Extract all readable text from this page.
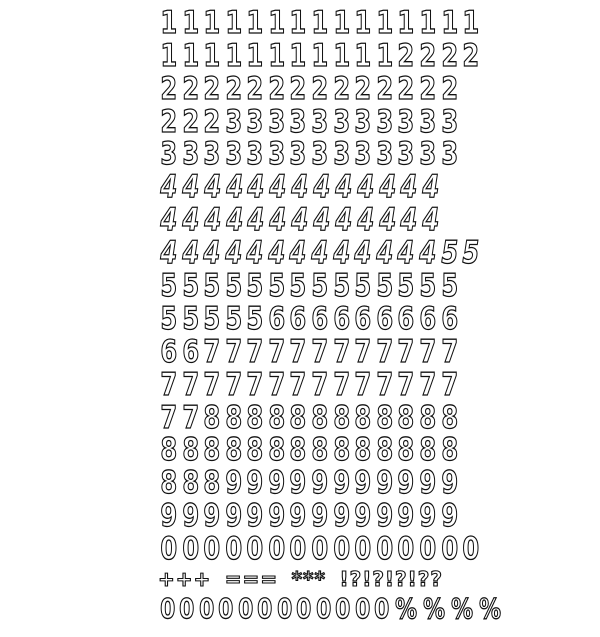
1 1 1 1 1 1 1 1 1 1 1 1 1 1 1
1 1 1 1 1 1 1 1 1 1 1 2 2 2 2
2 2 2 2 2 2 2 2 2 2 2 2 2 2
2 2 2 3 3 3 3 3 3 3 3 3 3 3
3 3 3 3 3 3 3 3 3 3 3 3 3 3
4 4 4 4 4 4 4 4 4 4 4 4 4
4 4 4 4 4 4 4 4 4 4 4 4 4
4 4 4 4 4 4 4 4 4 4 4 4 4 5 5
5 5 5 5 5 5 5 5 5 5 5 5 5 5
5 5 5 5 5 6 6 6 6 6 6 6 6 6
6 6 7 7 7 7 7 7 7 7 7 7 7 7
7 7 7 7 7 7 7 7 7 7 7 7 7 7
7 7 8 8 8 8 8 8 8 8 8 8 8 8
8 8 8 8 8 8 8 8 8 8 8 8 8 8
8 8 8 9 9 9 9 9 9 9 9 9 9 9
9 9 9 9 9 9 9 9 9 9 9 9 9 9
0 0 0 0 0 0 0 0 0 0 0 0 0 0 0
+ + + = = = * * * ! ? ! ? ! ? ! ? ?
0 0 0 0 0 0 0 0 0 0 0 0 % % % %
